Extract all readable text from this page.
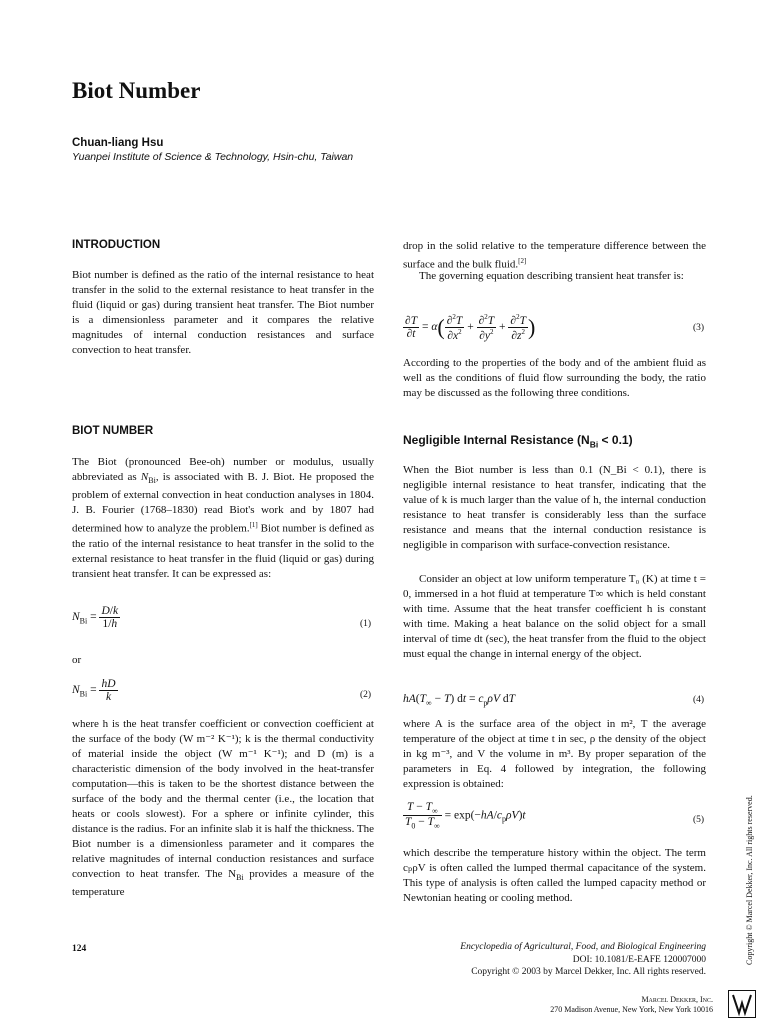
Biot Number
Chuan-liang Hsu
Yuanpei Institute of Science & Technology, Hsin-chu, Taiwan
INTRODUCTION
Biot number is defined as the ratio of the internal resistance to heat transfer in the solid to the external resistance to heat transfer in the fluid (liquid or gas) during transient heat transfer. The Biot number is a dimensionless parameter and it compares the relative magnitudes of internal conduction resistances and surface convection to heat transfer.
BIOT NUMBER
The Biot (pronounced Bee-oh) number or modulus, usually abbreviated as $N_{Bi}$, is associated with B. J. Biot. He proposed the problem of external convection in heat conduction analyses in 1804. J. B. Fourier (1768–1830) read Biot's work and by 1807 had determined how to analyze the problem.[1] Biot number is defined as the ratio of the internal resistance to heat transfer in the solid to the external resistance to heat transfer in the fluid (liquid or gas) during transient heat transfer. It can be expressed as:
$N_{Bi} = \frac{D/k}{1/h}$	(1)
or
$N_{Bi} = \frac{hD}{k}$	(2)
where h is the heat transfer coefficient or convection coefficient at the surface of the body (W m⁻² K⁻¹); k is the thermal conductivity of material inside the object (W m⁻¹ K⁻¹); and D (m) is a characteristic dimension of the body involved in the heat-transfer computation—this is taken to be the shortest distance between the surface of the body and the thermal center (i.e., the location that heats or cools slowest). For a sphere or infinite cylinder, this distance is the radius. For an infinite slab it is half the thickness. The Biot number is a dimensionless parameter and it compares the relative magnitudes of internal conduction resistances and surface convection to heat transfer. The $N_{Bi}$ provides a measure of the temperature
drop in the solid relative to the temperature difference between the surface and the bulk fluid.[2]
The governing equation describing transient heat transfer is:
$\frac{\partial T}{\partial t} = \alpha( \frac{\partial^2T}{\partial x^2} + \frac{\partial^2T}{\partial y^2} + \frac{\partial^2T}{\partial z^2}$ )	(3)
According to the properties of the body and of the ambient fluid as well as the conditions of fluid flow surrounding the body, the ratio may be discussed as the following three conditions.
Negligible Internal Resistance $(N_{Bi} < 0.1)$
When the Biot number is less than 0.1 (N_Bi < 0.1), there is negligible internal resistance to heat transfer, indicating that the value of k is much larger than the value of h, the internal conduction resistance to heat transfer is considerably less than the surface resistance and means that the internal conduction resistance is negligible in comparison with surface-convection resistance.
Consider an object at low uniform temperature T₀ (K) at time t = 0, immersed in a hot fluid at temperature T∞ which is held constant with time. Assume that the heat transfer coefficient h is constant with time. Making a heat balance on the solid object for a small interval of time dt (sec), the heat transfer from the fluid to the object must equal the change in internal energy of the object.
$hA(T_\infty - T)$ dt = $c_p\rho V$ dT	(4)
where A is the surface area of the object in m², T the average temperature of the object at time t in sec, ρ the density of the object in kg m⁻³, and V the volume in m³. By proper separation of the parameters in Eq. 4 followed by integration, the following expression is obtained:
$\frac{T - T_\infty}{T_0 - T_\infty} = \exp(-hA/c_p\rho V)t$	(5)
which describe the temperature history within the object. The term cₚρV is often called the lumped thermal capacitance of the system. This type of analysis is often called the lumped capacity method or Newtonian heating or cooling method.
124	Encyclopedia of Agricultural, Food, and Biological Engineering
DOI: 10.1081/E-EAFE 120007000
Copyright © 2003 by Marcel Dekker, Inc. All rights reserved.
Marcel Dekker, Inc.
270 Madison Avenue, New York, New York 10016
Copyright © Marcel Dekker, Inc. All rights reserved.
